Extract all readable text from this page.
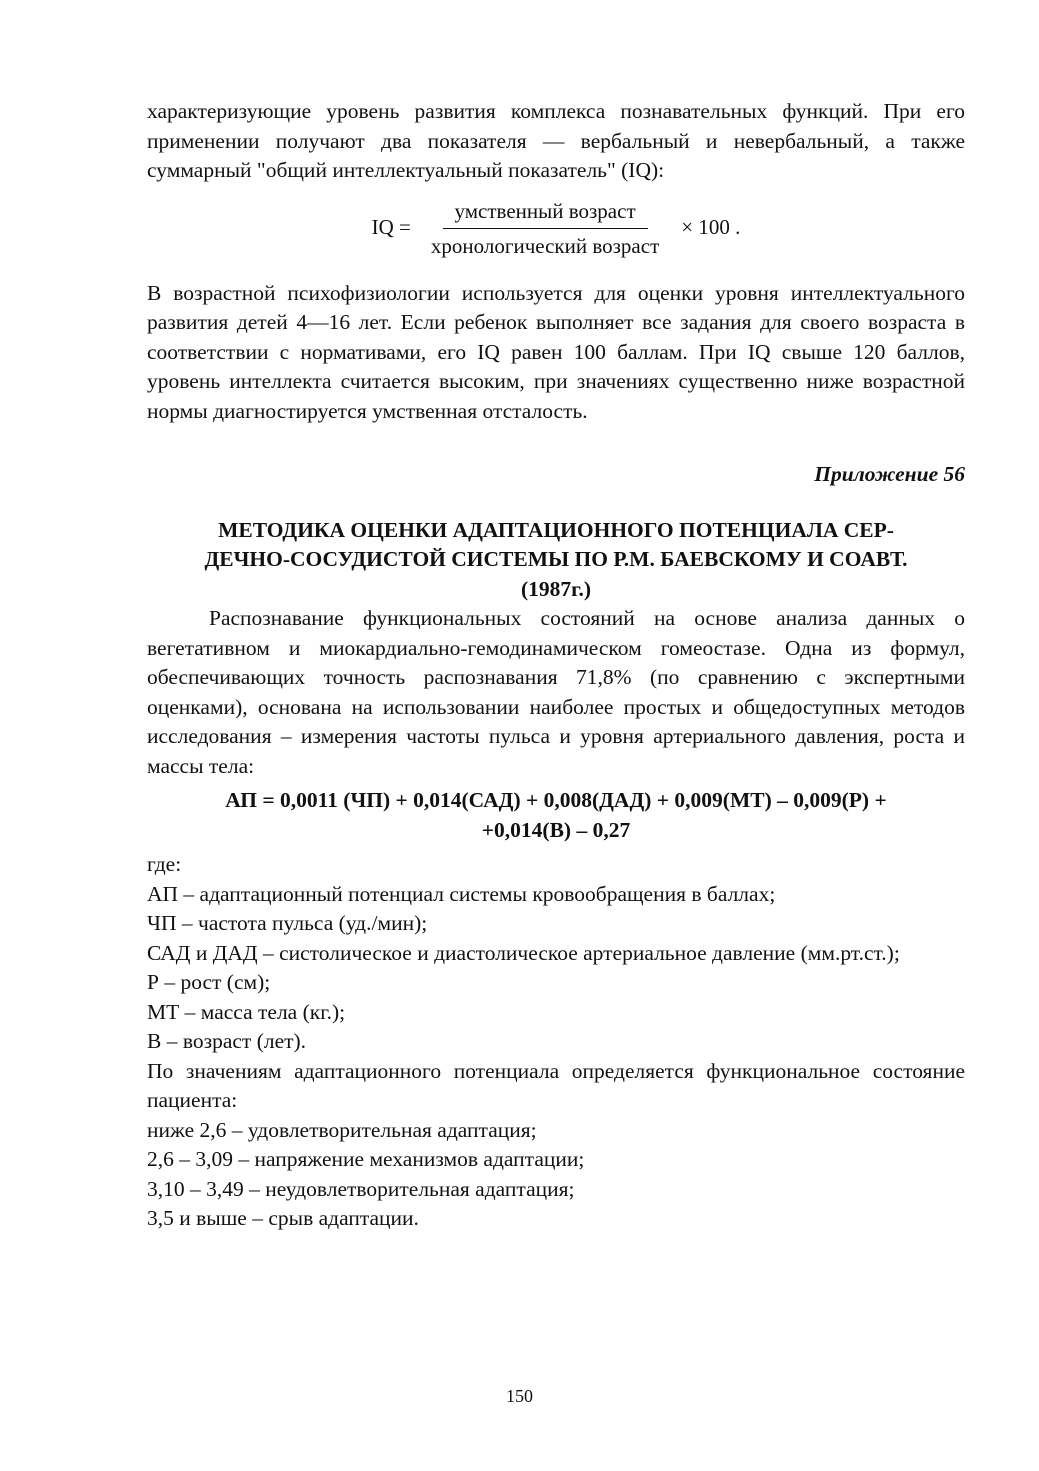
характеризующие уровень развития комплекса познавательных функций. При его применении получают два показателя — вербальный и невербальный, а также суммарный "общий интеллектуальный показатель" (IQ):

IQ = $\frac{\text{умственный возраст}}{\text{хронологический возраст}} \times 100$ .

В возрастной психофизиологии используется для оценки уровня интеллектуального развития детей 4—16 лет. Если ребенок выполняет все задания для своего возраста в соответствии с нормативами, его IQ равен 100 баллам. При IQ свыше 120 баллов, уровень интеллекта считается высоким, при значениях существенно ниже возрастной нормы диагностируется умственная отсталость.

Приложение 56

МЕТОДИКА ОЦЕНКИ АДАПТАЦИОННОГО ПОТЕНЦИАЛА СЕР-

ДЕЧНО-СОСУДИСТОЙ СИСТЕМЫ ПО Р.М. БАЕВСКОМУ И СОАВТ.

(1987г.)

Распознавание функциональных состояний на основе анализа данных о вегетативном и миокардиально-гемодинамическом гомеостазе. Одна из формул, обеспечивающих точность распознавания 71,8% (по сравнению с экспертными оценками), основана на использовании наиболее простых и общедоступных методов исследования – измерения частоты пульса и уровня артериального давления, роста и массы тела:

АП = 0,0011 (ЧП) + 0,014(САД) + 0,008(ДАД) + 0,009(МТ) – 0,009(Р) +
+0,014(В) – 0,27

где:

АП – адаптационный потенциал системы кровообращения в баллах;

ЧП – частота пульса (уд./мин);

САД и ДАД – систолическое и диастолическое артериальное давление (мм.рт.ст.);

Р – рост (см);

МТ – масса тела (кг.);

В – возраст (лет).

По значениям адаптационного потенциала определяется функциональное состояние пациента:

ниже 2,6 – удовлетворительная адаптация;

2,6 – 3,09 – напряжение механизмов адаптации;

3,10 – 3,49 – неудовлетворительная адаптация;

3,5 и выше – срыв адаптации.

150
